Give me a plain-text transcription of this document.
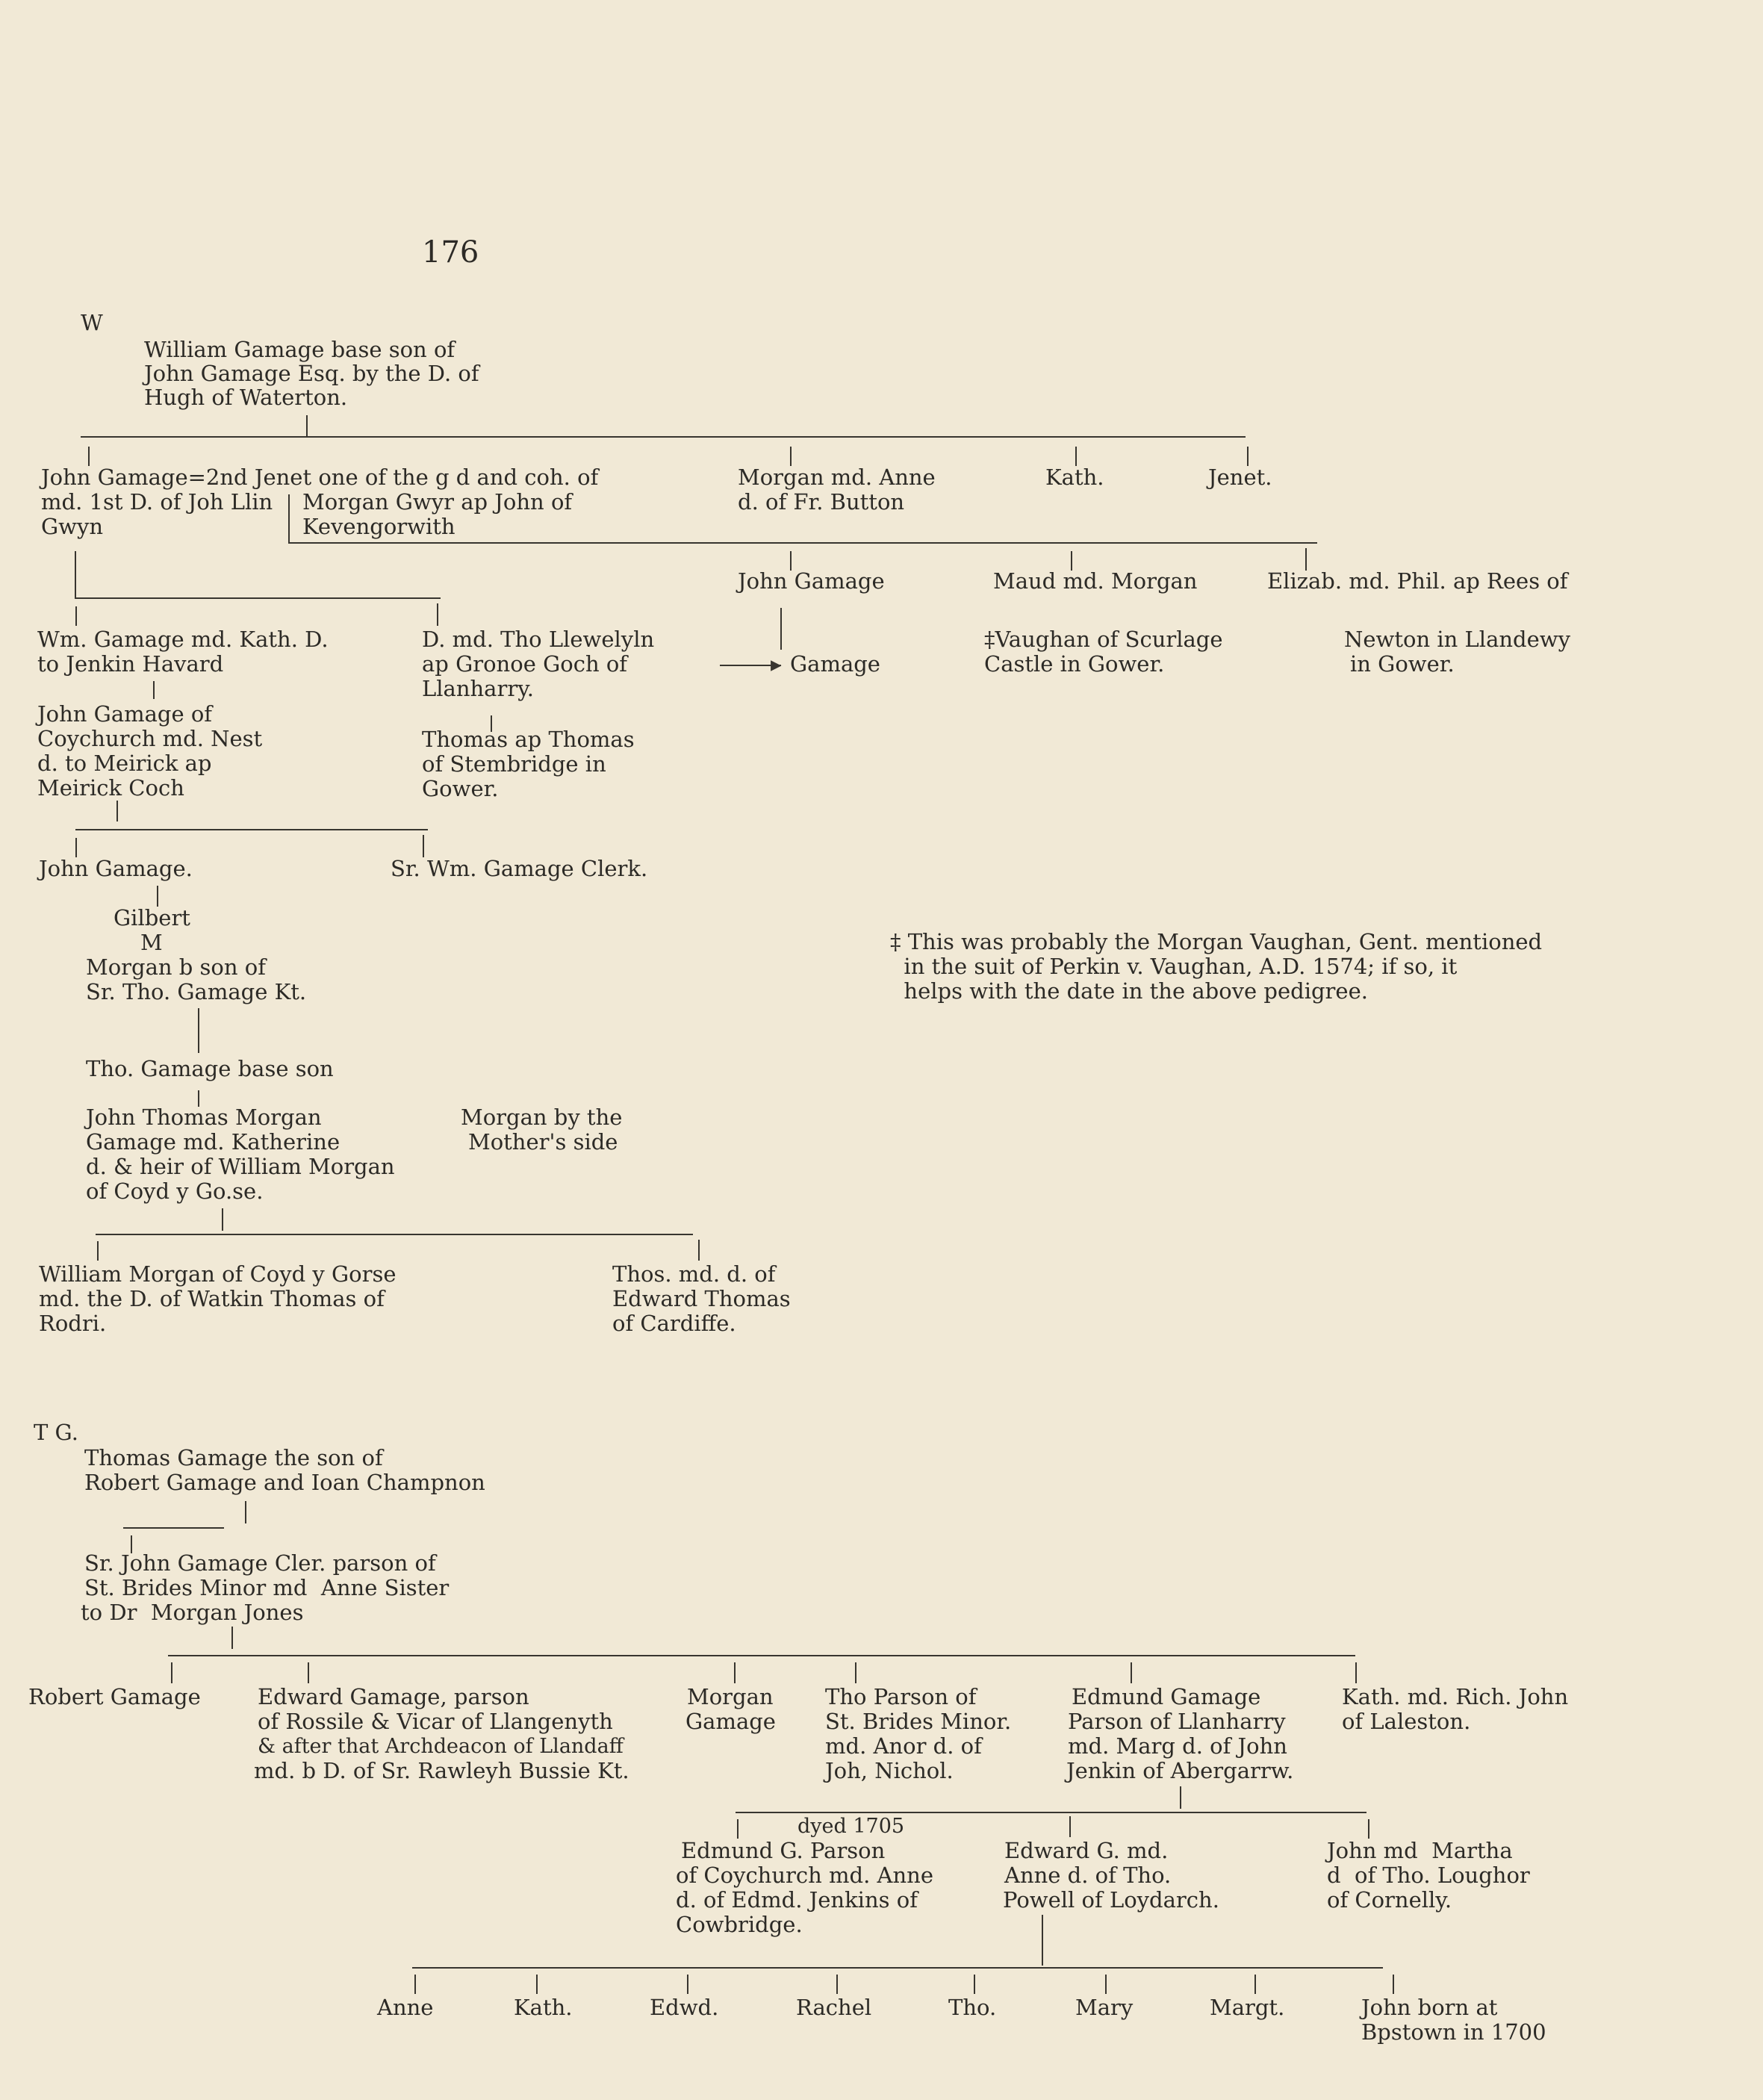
176
W
William Gamage base son of
John Gamage Esq. by the D. of
Hugh of Waterton.
John Gamage=2nd Jenet one of the g d and coh. of
md. 1st D. of Joh Llin
Gwyn
Morgan Gwyr ap John of
Kevengorwith
Morgan md. Anne
d. of Fr. Button
Kath.	Jenet.
John Gamage	Maud md. Morgan	Elizab. md. Phil. ap Rees of
▸ Gamage
‡Vaughan of Scurlage
Castle in Gower.
Newton in Llandewy
in Gower.
Wm. Gamage md. Kath. D.
to Jenkin Havard
John Gamage of
Coychurch md. Nest
d. to Meirick ap
Meirick Coch
D. md. Tho Llewelyln
ap Gronoe Goch of
Llanharry.
Thomas ap Thomas
of Stembridge in
Gower.
John Gamage.	Sr. Wm. Gamage Clerk.
Gilbert
M
Morgan b son of
Sr. Tho. Gamage Kt.
Tho. Gamage base son
John Thomas Morgan
Gamage md. Katherine
d. & heir of William Morgan
of Coyd y Go.se.
Morgan by the
Mother's side
William Morgan of Coyd y Gorse
md. the D. of Watkin Thomas of
Rodri.
Thos. md. d. of
Edward Thomas
of Cardiffe.
‡ This was probably the Morgan Vaughan, Gent. mentioned
in the suit of Perkin v. Vaughan, A.D. 1574; if so, it
helps with the date in the above pedigree.
T G.
Thomas Gamage the son of
Robert Gamage and Ioan Champnon
Sr. John Gamage Cler. parson of
St. Brides Minor md  Anne Sister
to Dr  Morgan Jones
Robert Gamage	Edward Gamage, parson
of Rossile & Vicar of Llangenyth
& after that Archdeacon of Llandaff
md. b D. of Sr. Rawleyh Bussie Kt.
Morgan
Gamage
Tho Parson of
St. Brides Minor.
md. Anor d. of
Joh, Nichol.
Edmund Gamage
Parson of Llanharry
md. Marg d. of John
Jenkin of Abergarrw.
Kath. md. Rich. John
of Laleston.
dyed 1705
Edmund G. Parson
of Coychurch md. Anne
d. of Edmd. Jenkins of
Cowbridge.
Edward G. md.
Anne d. of Tho.
Powell of Loydarch.
John md  Martha
d  of Tho. Loughor
of Cornelly.
Anne	Kath.	Edwd.	Rachel	Tho.	Mary	Margt.	John born at
Bpstown in 1700
